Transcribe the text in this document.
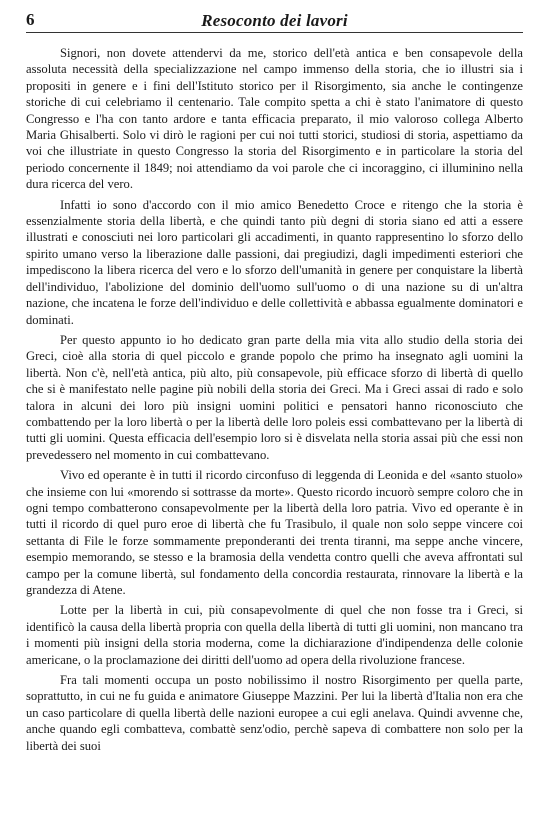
6	Resoconto dei lavori

Signori, non dovete attendervi da me, storico dell'età antica e ben consapevole della assoluta necessità della specializzazione nel campo immenso della storia, che io illustri sia i propositi in genere e i fini dell'Istituto storico per il Risorgimento, sia anche le contingenze storiche di cui celebriamo il centenario. Tale compito spetta a chi è stato l'animatore di questo Congresso e l'ha con tanto ardore e tanta efficacia preparato, il mio valoroso collega Alberto Maria Ghisalberti. Solo vi dirò le ragioni per cui noi tutti storici, studiosi di storia, aspettiamo da voi che illustriate in questo Congresso la storia del Risorgimento e in particolare la storia del periodo concernente il 1849; noi attendiamo da voi parole che ci incoraggino, ci illuminino nella dura ricerca del vero.

Infatti io sono d'accordo con il mio amico Benedetto Croce e ritengo che la storia è essenzialmente storia della libertà, e che quindi tanto più degni di storia siano ed atti a essere illustrati e conosciuti nei loro particolari gli accadimenti, in quanto rappresentino lo sforzo dello spirito umano verso la liberazione dalle passioni, dai pregiudizi, dagli impedimenti esteriori che impediscono la libera ricerca del vero e lo sforzo dell'umanità in genere per conquistare la libertà dell'individuo, l'abolizione del dominio dell'uomo sull'uomo o di una nazione su di un'altra nazione, che incatena le forze dell'individuo e delle collettività e abbassa egualmente dominatori e dominati.

Per questo appunto io ho dedicato gran parte della mia vita allo studio della storia dei Greci, cioè alla storia di quel piccolo e grande popolo che primo ha insegnato agli uomini la libertà. Non c'è, nell'età antica, più alto, più consapevole, più efficace sforzo di libertà di quello che si è manifestato nelle pagine più nobili della storia dei Greci. Ma i Greci assai di rado e solo talora in alcuni dei loro più insigni uomini politici e pensatori hanno riconosciuto che combattendo per la loro libertà o per la libertà delle loro poleis essi combattevano per la libertà di tutti gli uomini. Questa efficacia dell'esempio loro si è disvelata nella storia assai più che essi non prevedessero nel momento in cui combattevano.

Vivo ed operante è in tutti il ricordo circonfuso di leggenda di Leonida e del «santo stuolo» che insieme con lui «morendo si sottrasse da morte». Questo ricordo incuorò sempre coloro che in ogni tempo combatterono consapevolmente per la libertà della loro patria. Vivo ed operante è in tutti il ricordo di quel puro eroe di libertà che fu Trasibulo, il quale non solo seppe vincere coi settanta di File le forze sommamente preponderanti dei trenta tiranni, ma seppe anche vincere, esempio memorando, se stesso e la bramosia della vendetta contro quelli che aveva affrontati sul campo per la comune libertà, sul fondamento della concordia restaurata, rinnovare la libertà e la grandezza di Atene.

Lotte per la libertà in cui, più consapevolmente di quel che non fosse tra i Greci, si identificò la causa della libertà propria con quella della libertà di tutti gli uomini, non mancano tra i momenti più insigni della storia moderna, come la dichiarazione d'indipendenza delle colonie americane, o la proclamazione dei diritti dell'uomo ad opera della rivoluzione francese.

Fra tali momenti occupa un posto nobilissimo il nostro Risorgimento per quella parte, soprattutto, in cui ne fu guida e animatore Giuseppe Mazzini. Per lui la libertà d'Italia non era che un caso particolare di quella libertà delle nazioni europee a cui egli anelava. Quindi avvenne che, anche quando egli combatteva, combattè senz'odio, perchè sapeva di combattere non solo per la libertà dei suoi
